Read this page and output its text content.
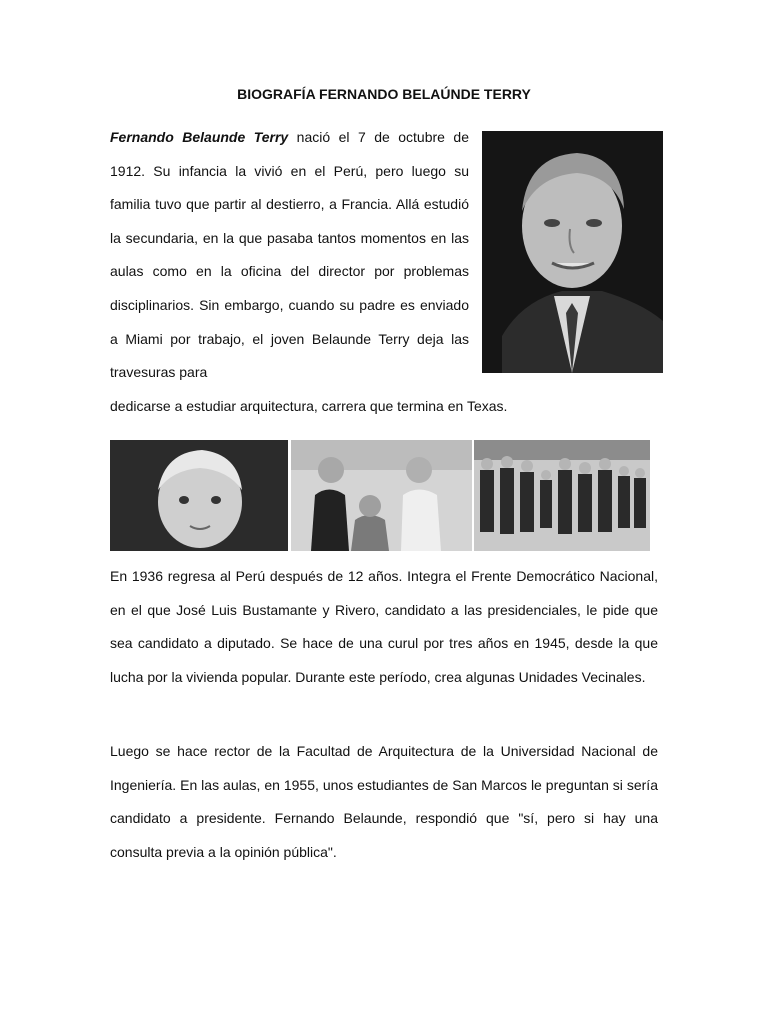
BIOGRAFÍA FERNANDO BELAÚNDE TERRY

Fernando Belaunde Terry nació el 7 de octubre de 1912. Su infancia la vivió en el Perú, pero luego su familia tuvo que partir al destierro, a Francia. Allá estudió la secundaria, en la que pasaba tantos momentos en las aulas como en la oficina del director por problemas disciplinarios. Sin embargo, cuando su padre es enviado a Miami por trabajo, el joven Belaunde Terry deja las travesuras para

dedicarse a estudiar arquitectura, carrera que termina en Texas.

En 1936 regresa al Perú después de 12 años. Integra el Frente Democrático Nacional, en el que José Luis Bustamante y Rivero, candidato a las presidenciales, le pide que sea candidato a diputado. Se hace de una curul por tres años en 1945, desde la que lucha por la vivienda popular. Durante este período, crea algunas Unidades Vecinales.

Luego se hace rector de la Facultad de Arquitectura de la Universidad Nacional de Ingeniería. En las aulas, en 1955, unos estudiantes de San Marcos le preguntan si sería candidato a presidente. Fernando Belaunde, respondió que "sí, pero si hay una consulta previa a la opinión pública".
